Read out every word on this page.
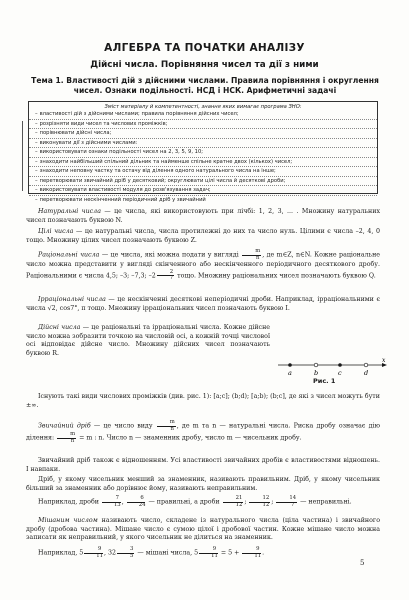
АЛГЕБРА ТА ПОЧАТКИ АНАЛІЗУ
Дійсні числа. Порівняння чисел та дії з ними
Тема 1. Властивості дій з дійсними числами. Правила порівняння і округлення чисел. Ознаки подільності. НСД і НСК. Арифметичні задачі
Зміст матеріалу й компетентності, знання яких вимагає програма ЗНО:
– властивості дій з дійсними числами; правила порівняння дійсних чисел;
– розрізняти види чисел та числових проміжків;
– порівнювати дійсні числа;
– виконувати дії з дійсними числами:
– використовувати ознаки подільності чисел на 2, 3, 5, 9, 10;
– знаходити найбільший спільний дільник та найменше спільне кратне двох (кількох) чисел;
– знаходити неповну частку та остачу від ділення одного натурального числа на інше;
– перетворювати звичайний дріб у десятковий; округлювати цілі числа й десяткові дроби;
– використовувати властивості модуля до розв'язування задач;
– перетворювати нескінченний періодичний дріб у звичайний
Натуральні числа — це числа, які використовують при лічбі: 1, 2, 3, ... . Множину натуральних чисел позначають буквою N.
Цілі числа — це натуральні числа, числа протилежні до них та число нуль. Цілими є числа –2, 4, 0 тощо. Множину цілих чисел позначають буквою Z.
Раціональні числа — це числа, які можна подати у вигляді $\frac{m}{n}$ , де m∈Z, n∈N. Кожне раціональне число можна представити у вигляді скінченного або нескінченного періодичного десяткового дробу. Раціональними є числа 4,5; –3; –7,3; $-2 \frac{2}{7}$ тощо. Множину раціональних чисел позначають буквою Q.
Ірраціональні числа — це нескінченні десяткові неперіодичні дроби. Наприклад, ірраціональними є числа √2, cos7°, π тощо. Множину ірраціональних чисел позначають буквою I.
Дійсні числа — це раціональні та ірраціональні числа. Кожне дійсне число можна зобразити точкою на числовій осі, а кожній точці числової осі відповідає дійсне число. Множину дійсних чисел позначають буквою R.
a	b	c	d
x
Рис. 1
Існують такі види числових проміжків (див. рис. 1): [a;c]; (b;d); [a;b); (b;c], де які з чисел можуть бути ±∞.
Звичайний дріб — це число виду $\frac{m}{n}$ , де m та n — натуральні числа. Риска дробу означає дію ділення: $\frac{m}{n} = m$ : n. Число n — знаменник дробу, число m — чисельник дробу.
Звичайний дріб також є відношенням. Усі властивості звичайних дробів є властивостями відношень. І навпаки.
Дріб, у якому чисельник менший за знаменник, називають правильним. Дріб, у якому чисельник більший за знаменник або дорівнює йому, називають неправильним.
Наприклад, дроби $\frac{7}{13}$ , $\frac{6}{24}$ — правильні, а дроби $\frac{21}{12}$ ; $\frac{12}{12}$ ; $\frac{14}{7}$ — неправильні.
Мішаним числом називають число, складене із натурального числа (ціла частина) і звичайного дробу (дробова частина). Мішане число є сумою цілої і дробової частин. Кожне мішане число можна записати як неправильний, у якого чисельник не ділиться на знаменник.
Наприклад, $5 \frac{9}{11}$ , $32 \frac{3}{5}$ — мішані числа, $5 \frac{9}{11} = 5 + \frac{9}{11}$ .
5
